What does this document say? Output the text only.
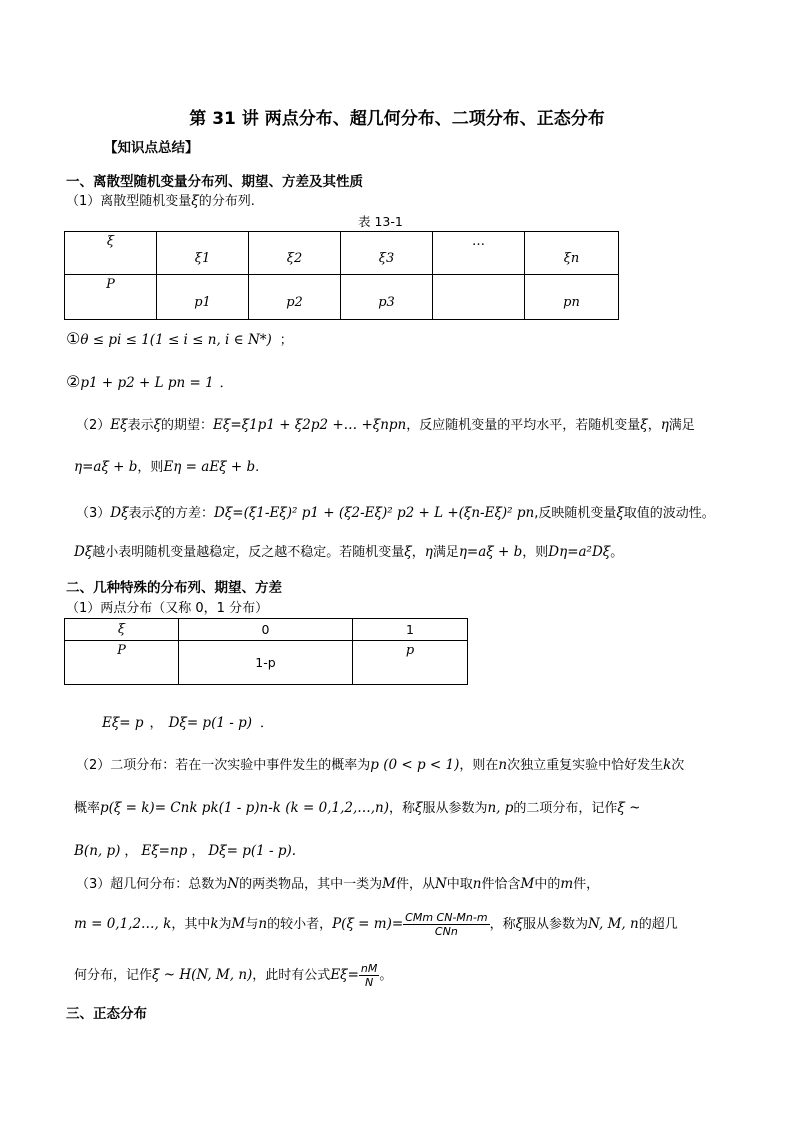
第 31 讲 两点分布、超几何分布、二项分布、正态分布
【知识点总结】
一、离散型随机变量分布列、期望、方差及其性质
（1）离散型随机变量ξ的分布列.
表 13-1
ξ	ξ1	ξ2	ξ3	…	ξn
P	p1	p2	p3		pn
①θ ≤ pi ≤ 1(1 ≤ i ≤ n, i ∈ N*) ；
②p1 + p2 + L pn = 1 ．
（2）Eξ表示ξ的期望：Eξ=ξ1p1 + ξ2p2 +… +ξnpn，反应随机变量的平均水平，若随机变量ξ，η满足
η=aξ + b，则Eη = aEξ + b.
（3）Dξ表示ξ的方差：Dξ=(ξ1-Eξ)² p1 + (ξ2-Eξ)² p2 + L +(ξn-Eξ)² pn,反映随机变量ξ取值的波动性。
Dξ越小表明随机变量越稳定，反之越不稳定。若随机变量ξ，η满足η=aξ + b，则Dη=a²Dξ。
二、几种特殊的分布列、期望、方差
（1）两点分布（又称 0，1 分布）
ξ	0	1
P	1-p	p
Eξ= p ， Dξ= p(1 - p) ．
（2）二项分布：若在一次实验中事件发生的概率为p (0 < p < 1)，则在n次独立重复实验中恰好发生k次
概率p(ξ = k)= Cnk pk(1 - p)n-k (k = 0,1,2,…,n)，称ξ服从参数为n, p的二项分布，记作ξ ~
B(n, p) ， Eξ=np ， Dξ= p(1 - p).
（3）超几何分布：总数为N的两类物品，其中一类为M件，从N中取n件恰含M中的m件，
m = 0,1,2…, k，其中k为M与n的较小者，$P(\xi = m)= \frac{\text{CMm CN-Mn-m}}{\text{CNn}}$ ，称ξ服从参数为N, M, n的超几
何分布，记作ξ ~ H(N, M, n)，此时有公式$E\xi= \frac{nM}{N}$ 。
三、正态分布
